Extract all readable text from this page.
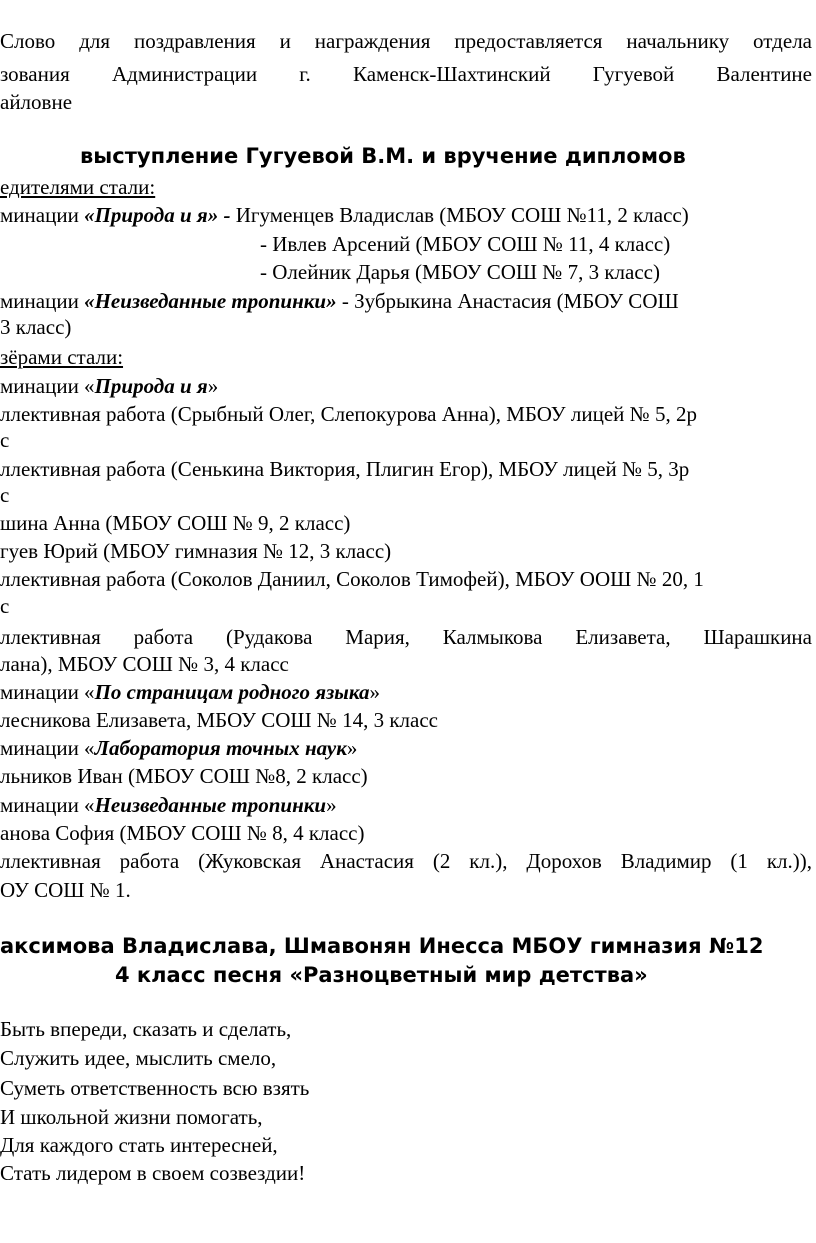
Слово для поздравления и награждения предоставляется начальнику отдела
зования Администрации г. Каменск-Шахтинский Гугуевой Валентине
айловне
выступление Гугуевой В.М. и вручение дипломов
едителями стали:
минации «Природа и я» - Игуменцев Владислав (МБОУ СОШ №11, 2 класс)
- Ивлев Арсений (МБОУ СОШ № 11, 4 класс)
- Олейник Дарья (МБОУ СОШ № 7, 3 класс)
минации «Неизведанные тропинки» - Зубрыкина Анастасия (МБОУ СОШ
3 класс)
зёрами стали:
минации «Природа и я»
ллективная работа (Срыбный Олег, Слепокурова Анна), МБОУ лицей № 5, 2р
с
ллективная работа (Сенькина Виктория, Плигин Егор), МБОУ лицей № 5, 3р
с
шина Анна (МБОУ СОШ № 9, 2 класс)
гуев Юрий (МБОУ гимназия № 12, 3 класс)
ллективная работа (Соколов Даниил, Соколов Тимофей), МБОУ ООШ № 20, 1
с
ллективная работа (Рудакова Мария, Калмыкова Елизавета, Шарашкина
лана), МБОУ СОШ № 3, 4 класс
минации «По страницам родного языка»
лесникова Елизавета, МБОУ СОШ № 14, 3 класс
минации «Лаборатория точных наук»
льников Иван (МБОУ СОШ №8, 2 класс)
минации «Неизведанные тропинки»
анова София (МБОУ СОШ № 8, 4 класс)
ллективная работа (Жуковская Анастасия (2 кл.), Дорохов Владимир (1 кл.)),
ОУ СОШ № 1.
аксимова Владислава, Шмавонян Инесса МБОУ гимназия №12
4 класс песня «Разноцветный мир детства»
Быть впереди, сказать и сделать,
Служить идее, мыслить смело,
Суметь ответственность всю взять
И школьной жизни помогать,
Для каждого стать интересней,
Стать лидером в своем созвездии!
